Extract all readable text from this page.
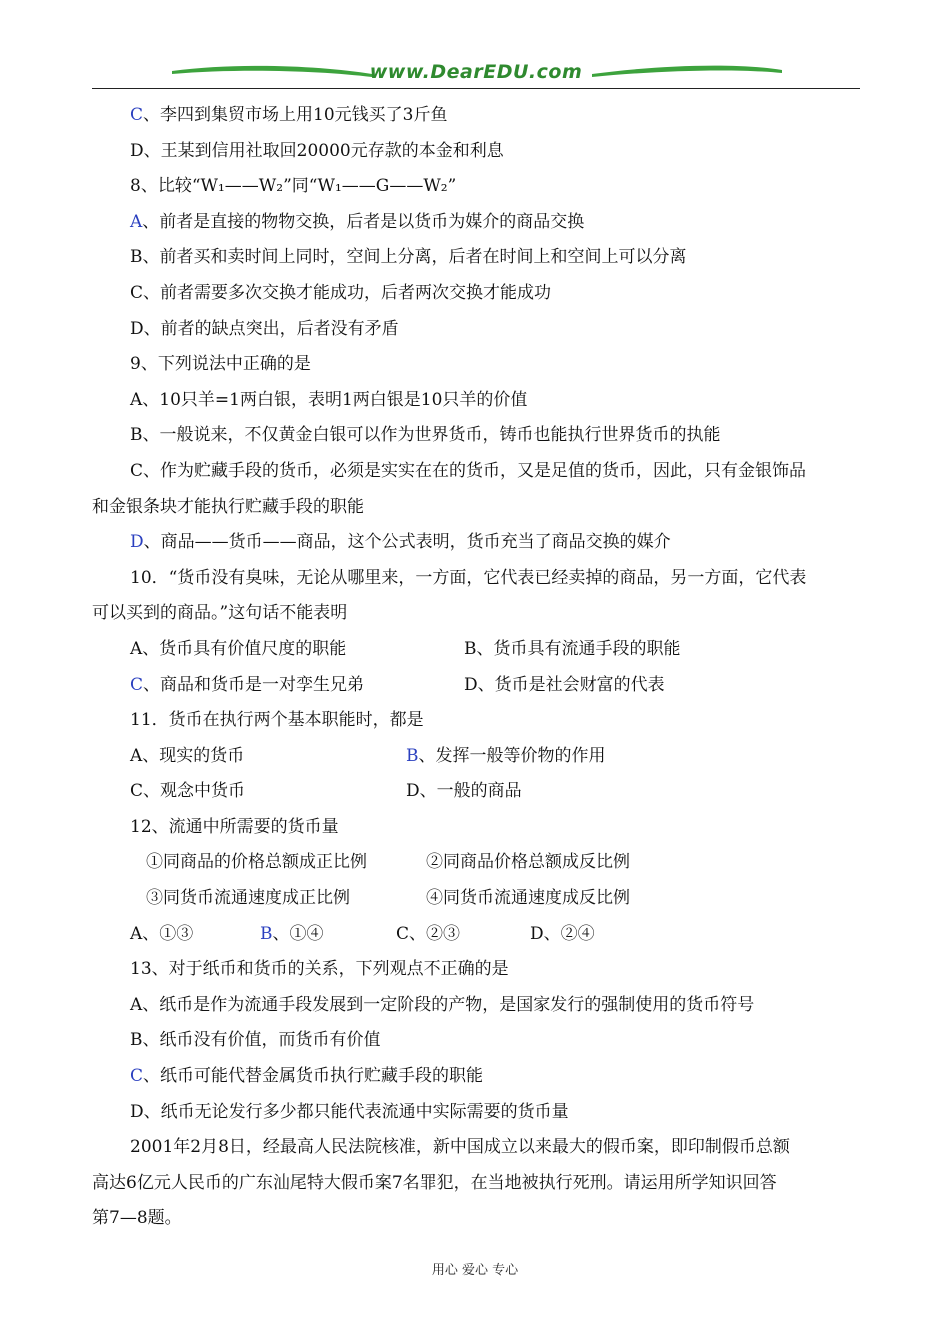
www.DearEDU.com
C、李四到集贸市场上用10元钱买了3斤鱼
D、王某到信用社取回20000元存款的本金和利息
8、比较“W₁——W₂”同“W₁——G——W₂”
A、前者是直接的物物交换，后者是以货币为媒介的商品交换
B、前者买和卖时间上同时，空间上分离，后者在时间上和空间上可以分离
C、前者需要多次交换才能成功，后者两次交换才能成功
D、前者的缺点突出，后者没有矛盾
9、下列说法中正确的是
A、10只羊=1两白银，表明1两白银是10只羊的价值
B、一般说来，不仅黄金白银可以作为世界货币，铸币也能执行世界货币的执能
C、作为贮藏手段的货币，必须是实实在在的货币，又是足值的货币，因此，只有金银饰品
和金银条块才能执行贮藏手段的职能
D、商品——货币——商品，这个公式表明，货币充当了商品交换的媒介
10．“货币没有臭味，无论从哪里来，一方面，它代表已经卖掉的商品，另一方面，它代表
可以买到的商品。”这句话不能表明
A、货币具有价值尺度的职能	B、货币具有流通手段的职能
C、商品和货币是一对孪生兄弟	D、货币是社会财富的代表
11．货币在执行两个基本职能时，都是
A、现实的货币	B、发挥一般等价物的作用
C、观念中货币	D、一般的商品
12、流通中所需要的货币量
①同商品的价格总额成正比例	②同商品价格总额成反比例
③同货币流通速度成正比例	④同货币流通速度成反比例
A、①③	B、①④	C、②③	D、②④
13、对于纸币和货币的关系，下列观点不正确的是
A、纸币是作为流通手段发展到一定阶段的产物，是国家发行的强制使用的货币符号
B、纸币没有价值，而货币有价值
C、纸币可能代替金属货币执行贮藏手段的职能
D、纸币无论发行多少都只能代表流通中实际需要的货币量
2001年2月8日，经最高人民法院核准，新中国成立以来最大的假币案，即印制假币总额
高达6亿元人民币的广东汕尾特大假币案7名罪犯，在当地被执行死刑。请运用所学知识回答
第7—8题。
用心 爱心 专心
